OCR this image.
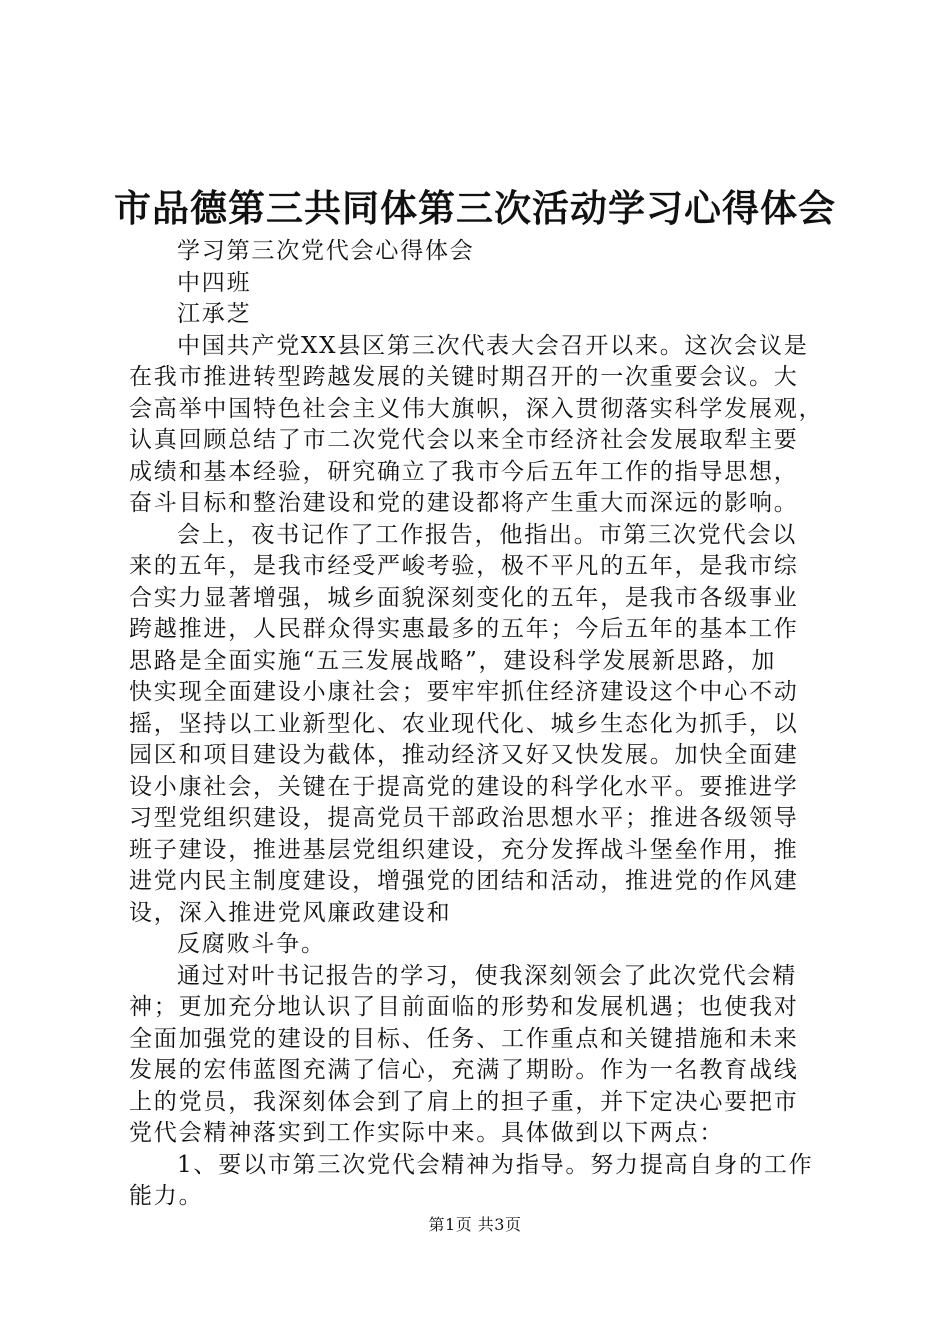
市品德第三共同体第三次活动学习心得体会
学习第三次党代会心得体会
中四班
江承芝
中国共产党XX县区第三次代表大会召开以来。这次会议是
在我市推进转型跨越发展的关键时期召开的一次重要会议。大
会高举中国特色社会主义伟大旗帜，深入贯彻落实科学发展观，
认真回顾总结了市二次党代会以来全市经济社会发展取犁主要
成绩和基本经验，研究确立了我市今后五年工作的指导思想，
奋斗目标和整治建设和党的建设都将产生重大而深远的影响。
会上，夜书记作了工作报告，他指出。市第三次党代会以
来的五年，是我市经受严峻考验，极不平凡的五年，是我市综
合实力显著增强，城乡面貌深刻变化的五年，是我市各级事业
跨越推进，人民群众得实惠最多的五年；今后五年的基本工作
思路是全面实施“五三发展战略”，建设科学发展新思路，加
快实现全面建设小康社会；要牢牢抓住经济建设这个中心不动
摇，坚持以工业新型化、农业现代化、城乡生态化为抓手，以
园区和项目建设为截体，推动经济又好又快发展。加快全面建
设小康社会，关键在于提高党的建设的科学化水平。要推进学
习型党组织建设，提高党员干部政治思想水平；推进各级领导
班子建设，推进基层党组织建设，充分发挥战斗堡垒作用，推
进党内民主制度建设，增强党的团结和活动，推进党的作风建
设，深入推进党风廉政建设和
反腐败斗争。
通过对叶书记报告的学习，使我深刻领会了此次党代会精
神；更加充分地认识了目前面临的形势和发展机遇；也使我对
全面加强党的建设的目标、任务、工作重点和关键措施和未来
发展的宏伟蓝图充满了信心，充满了期盼。作为一名教育战线
上的党员，我深刻体会到了肩上的担子重，并下定决心要把市
党代会精神落实到工作实际中来。具体做到以下两点：
1、要以市第三次党代会精神为指导。努力提高自身的工作
能力。
第1页 共3页
